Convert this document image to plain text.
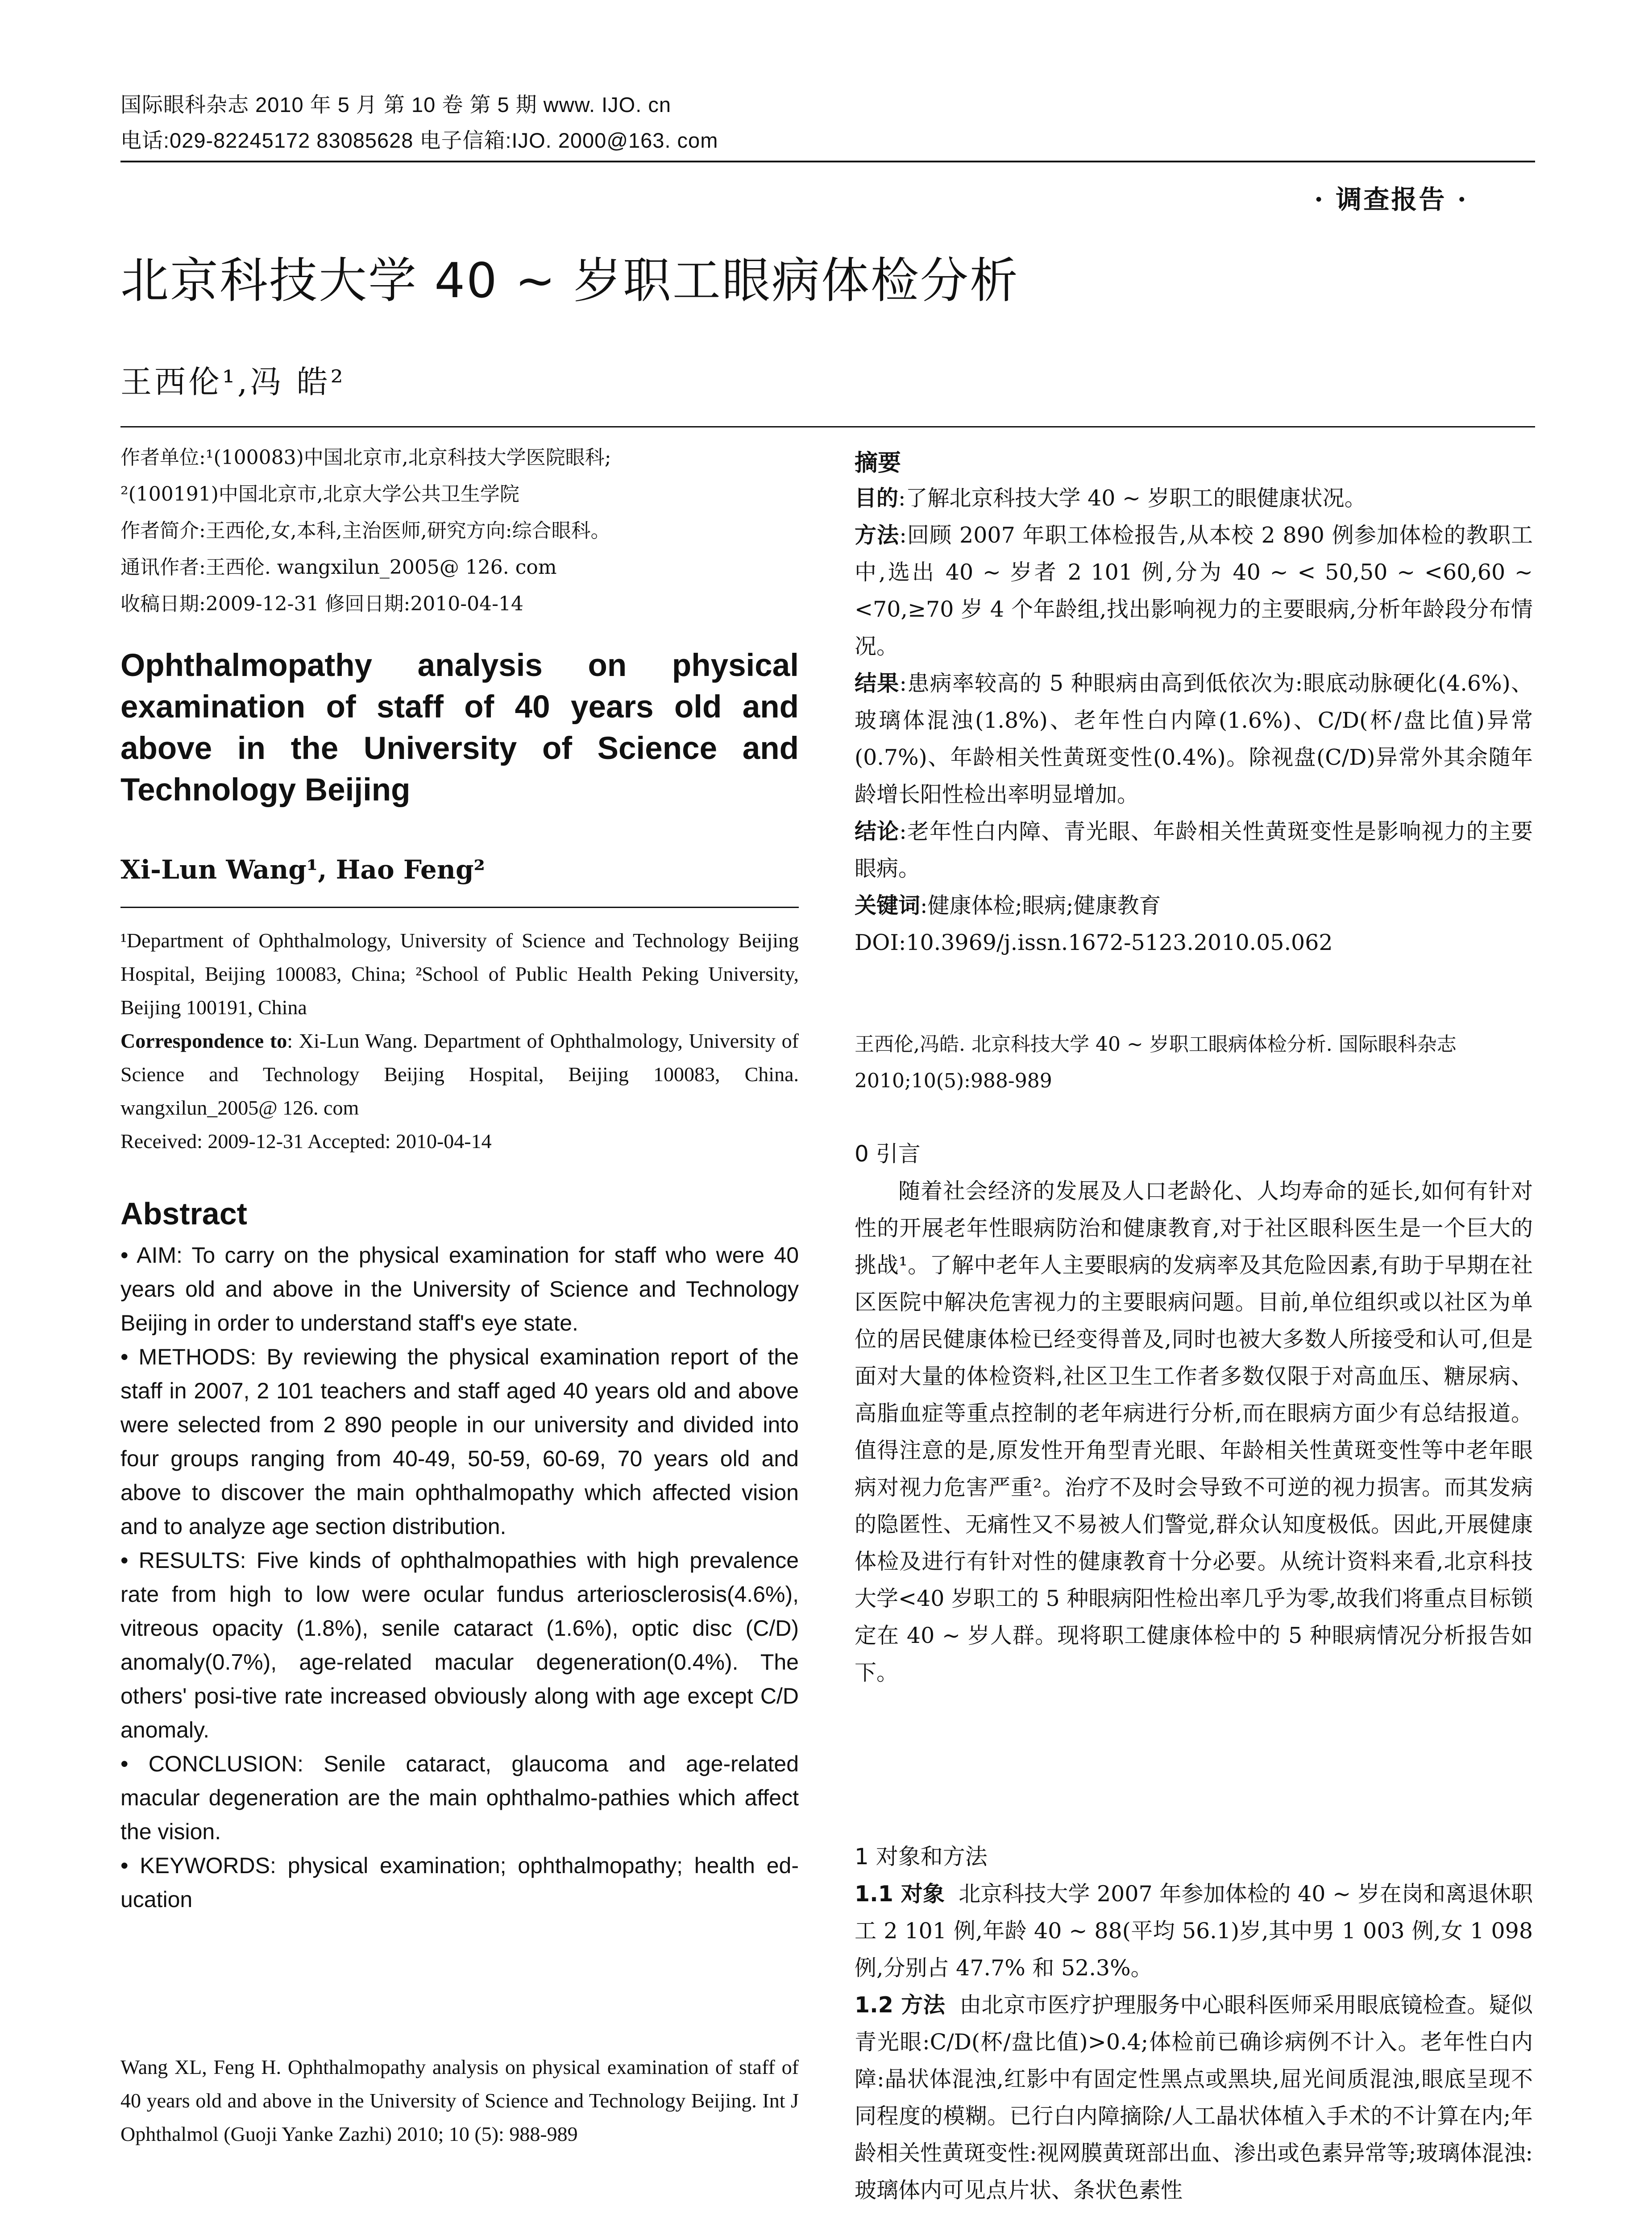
国际眼科杂志 2010 年 5 月 第 10 卷 第 5 期 www. IJO. cn
电话:029-82245172 83085628 电子信箱:IJO. 2000@163. com
· 调查报告 ·
北京科技大学 40 ~ 岁职工眼病体检分析
王西伦¹,冯 皓²

作者单位:¹(100083)中国北京市,北京科技大学医院眼科;

²(100191)中国北京市,北京大学公共卫生学院

作者简介:王西伦,女,本科,主治医师,研究方向:综合眼科。

通讯作者:王西伦. wangxilun_2005@ 126. com

收稿日期:2009-12-31 修回日期:2010-04-14

Ophthalmopathy analysis on physical examination of staff of 40 years old and above in the University of Science and Technology Beijing
Xi-Lun Wang¹, Hao Feng²

¹Department of Ophthalmology, University of Science and Technology Beijing Hospital, Beijing 100083, China; ²School of Public Health Peking University, Beijing 100191, China

Correspondence to: Xi-Lun Wang. Department of Ophthalmology, University of Science and Technology Beijing Hospital, Beijing 100083, China. wangxilun_2005@ 126. com

Received: 2009-12-31 Accepted: 2010-04-14

Abstract

• AIM: To carry on the physical examination for staff who were 40 years old and above in the University of Science and Technology Beijing in order to understand staff's eye state.

• METHODS: By reviewing the physical examination report of the staff in 2007, 2 101 teachers and staff aged 40 years old and above were selected from 2 890 people in our university and divided into four groups ranging from 40-49, 50-59, 60-69, 70 years old and above to discover the main ophthalmopathy which affected vision and to analyze age section distribution.

• RESULTS: Five kinds of ophthalmopathies with high prevalence rate from high to low were ocular fundus arteriosclerosis(4.6%), vitreous opacity (1.8%), senile cataract (1.6%), optic disc (C/D) anomaly(0.7%), age-related macular degeneration(0.4%). The others' posi-tive rate increased obviously along with age except C/D anomaly.

• CONCLUSION: Senile cataract, glaucoma and age-related macular degeneration are the main ophthalmo-pathies which affect the vision.

• KEYWORDS: physical examination; ophthalmopathy; health ed-ucation

Wang XL, Feng H. Ophthalmopathy analysis on physical examination of staff of 40 years old and above in the University of Science and Technology Beijing. Int J Ophthalmol (Guoji Yanke Zazhi) 2010; 10 (5): 988-989

摘要

目的:了解北京科技大学 40 ~ 岁职工的眼健康状况。

方法:回顾 2007 年职工体检报告,从本校 2 890 例参加体检的教职工中,选出 40 ~ 岁者 2 101 例,分为 40 ~ < 50,50 ~ <60,60 ~ <70,≥70 岁 4 个年龄组,找出影响视力的主要眼病,分析年龄段分布情况。

结果:患病率较高的 5 种眼病由高到低依次为:眼底动脉硬化(4.6%)、玻璃体混浊(1.8%)、老年性白内障(1.6%)、C/D(杯/盘比值)异常(0.7%)、年龄相关性黄斑变性(0.4%)。除视盘(C/D)异常外其余随年龄增长阳性检出率明显增加。

结论:老年性白内障、青光眼、年龄相关性黄斑变性是影响视力的主要眼病。

关键词:健康体检;眼病;健康教育

DOI:10.3969/j.issn.1672-5123.2010.05.062

王西伦,冯皓. 北京科技大学 40 ~ 岁职工眼病体检分析. 国际眼科杂志 2010;10(5):988-989

0 引言

随着社会经济的发展及人口老龄化、人均寿命的延长,如何有针对性的开展老年性眼病防治和健康教育,对于社区眼科医生是一个巨大的挑战¹。了解中老年人主要眼病的发病率及其危险因素,有助于早期在社区医院中解决危害视力的主要眼病问题。目前,单位组织或以社区为单位的居民健康体检已经变得普及,同时也被大多数人所接受和认可,但是面对大量的体检资料,社区卫生工作者多数仅限于对高血压、糖尿病、高脂血症等重点控制的老年病进行分析,而在眼病方面少有总结报道。值得注意的是,原发性开角型青光眼、年龄相关性黄斑变性等中老年眼病对视力危害严重²。治疗不及时会导致不可逆的视力损害。而其发病的隐匿性、无痛性又不易被人们警觉,群众认知度极低。因此,开展健康体检及进行有针对性的健康教育十分必要。从统计资料来看,北京科技大学<40 岁职工的 5 种眼病阳性检出率几乎为零,故我们将重点目标锁定在 40 ~ 岁人群。现将职工健康体检中的 5 种眼病情况分析报告如下。

1 对象和方法

1.1 对象 北京科技大学 2007 年参加体检的 40 ~ 岁在岗和离退休职工 2 101 例,年龄 40 ~ 88(平均 56.1)岁,其中男 1 003 例,女 1 098 例,分别占 47.7% 和 52.3%。

1.2 方法 由北京市医疗护理服务中心眼科医师采用眼底镜检查。疑似青光眼:C/D(杯/盘比值)>0.4;体检前已确诊病例不计入。老年性白内障:晶状体混浊,红影中有固定性黑点或黑块,屈光间质混浊,眼底呈现不同程度的模糊。已行白内障摘除/人工晶状体植入手术的不计算在内;年龄相关性黄斑变性:视网膜黄斑部出血、渗出或色素异常等;玻璃体混浊:玻璃体内可见点片状、条状色素性
